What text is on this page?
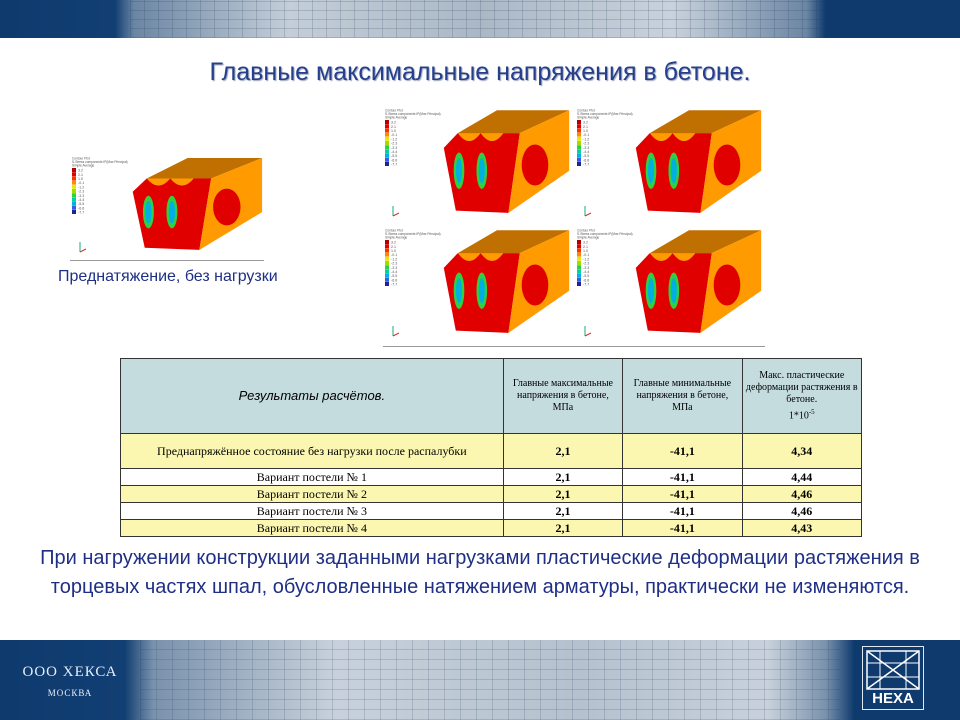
Главные максимальные напряжения в бетоне.
Contour Plot
S-Stress components IP(Max Principal)
Simple Average
3.2
2.1
1.0
-0.1
-1.2
-2.3
-3.3
-4.4
-5.5
-6.6
-7.7
Contour Plot
S-Stress components IP(Max Principal)
Simple Average
3.2
2.1
1.0
-0.1
-1.2
-2.3
-3.3
-4.4
-5.5
-6.6
-7.7
Contour Plot
S-Stress components IP(Max Principal)
Simple Average
3.2
2.1
1.0
-0.1
-1.2
-2.3
-3.3
-4.4
-5.5
-6.6
-7.7
Contour Plot
S-Stress components IP(Max Principal)
Simple Average
3.2
2.1
1.0
-0.1
-1.2
-2.3
-3.3
-4.4
-5.5
-6.6
-7.7
Contour Plot
S-Stress components IP(Max Principal)
Simple Average
3.2
2.1
1.0
-0.1
-1.2
-2.3
-3.3
-4.4
-5.5
-6.6
-7.7
Преднатяжение, без нагрузки
Результаты расчётов.	Главные максимальные напряжения в бетоне, МПа	Главные минимальные напряжения в бетоне, МПа	Макс. пластические деформации растяжения в бетоне.
$1*10^{-5}$
Преднапряжённое состояние без нагрузки после распалубки	2,1	-41,1	4,34
Вариант постели № 1	2,1	-41,1	4,44
Вариант постели № 2	2,1	-41,1	4,46
Вариант постели № 3	2,1	-41,1	4,46
Вариант постели № 4	2,1	-41,1	4,43
При нагружении конструкции заданными нагрузками пластические деформации растяжения в торцевых частях шпал, обусловленные натяжением арматуры, практически не изменяются.
ООО ХЕКСА
МОСКВА	HEXA
